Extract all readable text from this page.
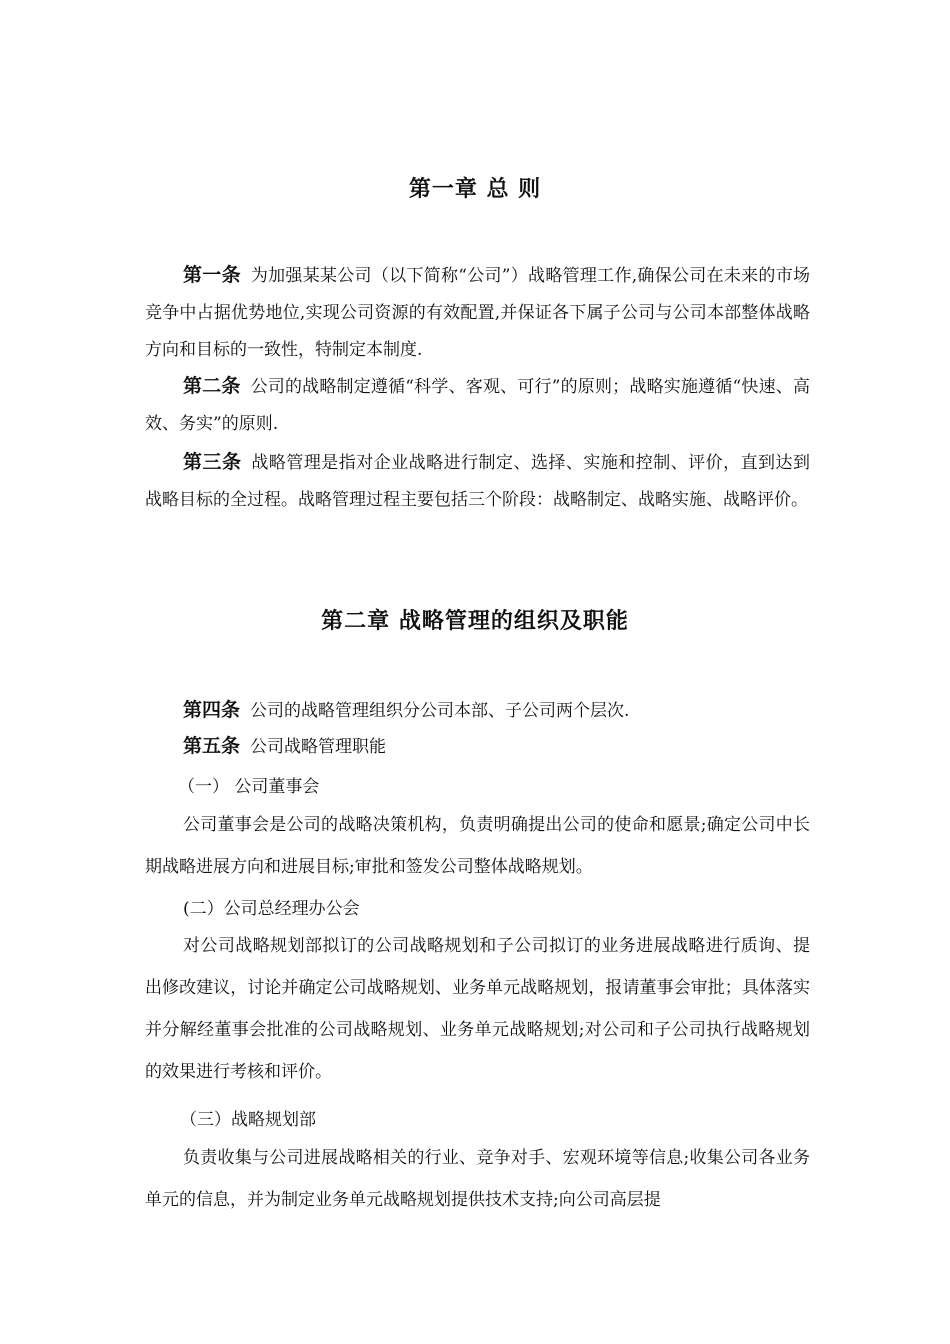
第一章 总 则
第一条 为加强某某公司（以下简称“公司”）战略管理工作,确保公司在未来的市场竞争中占据优势地位,实现公司资源的有效配置,并保证各下属子公司与公司本部整体战略方向和目标的一致性，特制定本制度.
第二条 公司的战略制定遵循“科学、客观、可行”的原则；战略实施遵循“快速、高效、务实”的原则.
第三条 战略管理是指对企业战略进行制定、选择、实施和控制、评价，直到达到战略目标的全过程。战略管理过程主要包括三个阶段：战略制定、战略实施、战略评价。
第二章 战略管理的组织及职能
第四条 公司的战略管理组织分公司本部、子公司两个层次.
第五条 公司战略管理职能
（一） 公司董事会
公司董事会是公司的战略决策机构，负责明确提出公司的使命和愿景;确定公司中长期战略进展方向和进展目标;审批和签发公司整体战略规划。
(二）公司总经理办公会
对公司战略规划部拟订的公司战略规划和子公司拟订的业务进展战略进行质询、提出修改建议，讨论并确定公司战略规划、业务单元战略规划，报请董事会审批；具体落实并分解经董事会批准的公司战略规划、业务单元战略规划;对公司和子公司执行战略规划的效果进行考核和评价。
（三）战略规划部
负责收集与公司进展战略相关的行业、竞争对手、宏观环境等信息;收集公司各业务单元的信息，并为制定业务单元战略规划提供技术支持;向公司高层提
